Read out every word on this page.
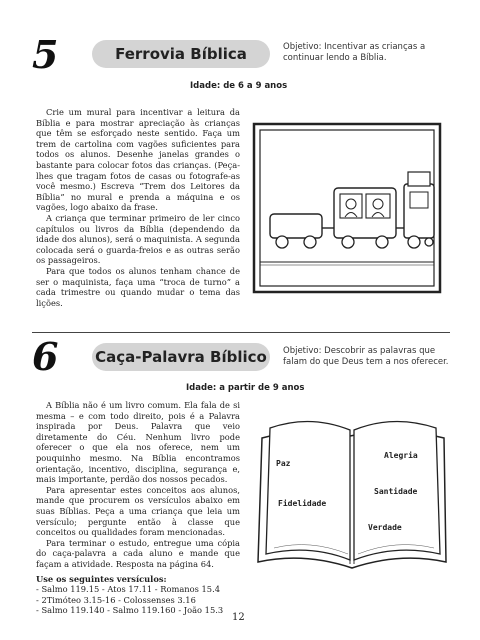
5	Ferrovia Bíblica	Objetivo: Incentivar as crianças a continuar lendo a Bíblia.
Idade: de 6 a 9 anos

Crie um mural para incentivar a leitura da Bíblia e para mostrar apreciação às crianças que têm se esforçado neste sentido. Faça um trem de cartolina com vagões suficientes para todos os alunos. Desenhe janelas grandes o bastante para colocar fotos das crianças. (Peça-lhes que tragam fotos de casas ou fotografe-as você mesmo.) Escreva “Trem dos Leitores da Bíblia” no mural e prenda a máquina e os vagões, logo abaixo da frase.

A criança que terminar primeiro de ler cinco capítulos ou livros da Bíblia (dependendo da idade dos alunos), será o maquinista. A segunda colocada será o guarda-freios e as outras serão os passageiros.

Para que todos os alunos tenham chance de ser o maquinista, faça uma “troca de turno” a cada trimestre ou quando mudar o tema das lições.

6 Caça-Palavra Bíblico	Objetivo: Descobrir as palavras que falam do que Deus tem a nos oferecer.
Idade: a partir de 9 anos

A Bíblia não é um livro comum. Ela fala de si mesma – e com todo direito, pois é a Palavra inspirada por Deus. Palavra que veio diretamente do Céu. Nenhum livro pode oferecer o que ela nos oferece, nem um pouquinho mesmo. Na Bíblia encontramos orientação, incentivo, disciplina, segurança e, mais importante, perdão dos nossos pecados.

Para apresentar estes conceitos aos alunos, mande que procurem os versículos abaixo em suas Bíblias. Peça a uma criança que leia um versículo; pergunte então à classe que conceitos ou qualidades foram mencionadas.

Para terminar o estudo, entregue uma cópia do caça-palavra a cada aluno e mande que façam a atividade. Resposta na página 64.

Use os seguintes versículos:
- Salmo 119.15 - Atos 17.11 - Romanos 15.4
- 2Timóteo 3.15-16 - Colossenses 3.16
- Salmo 119.140 - Salmo 119.160 - João 15.3
Paz
Fidelidade
Alegria
Santidade
Verdade
12
